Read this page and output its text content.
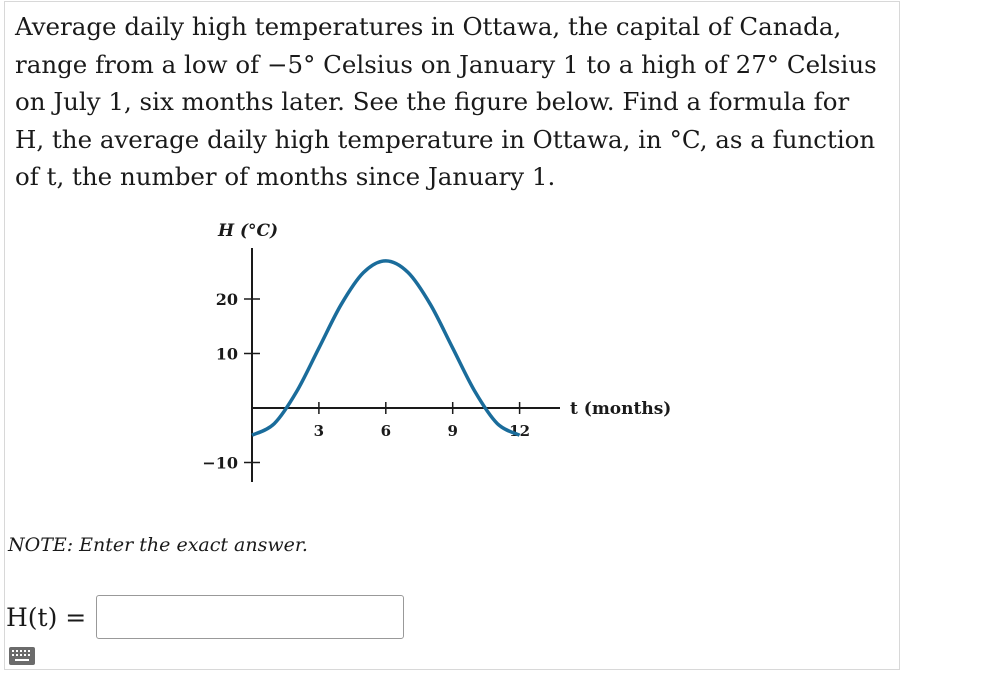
Average daily high temperatures in Ottawa, the capital of Canada,
range from a low of −5° Celsius on January 1 to a high of 27° Celsius
on July 1, six months later. See the figure below. Find a formula for
H, the average daily high temperature in Ottawa, in °C, as a function
of t, the number of months since January 1.

H (°C)
t (months)
3	6	9	12
20
10
−10

NOTE: Enter the exact answer.

H(t) =
